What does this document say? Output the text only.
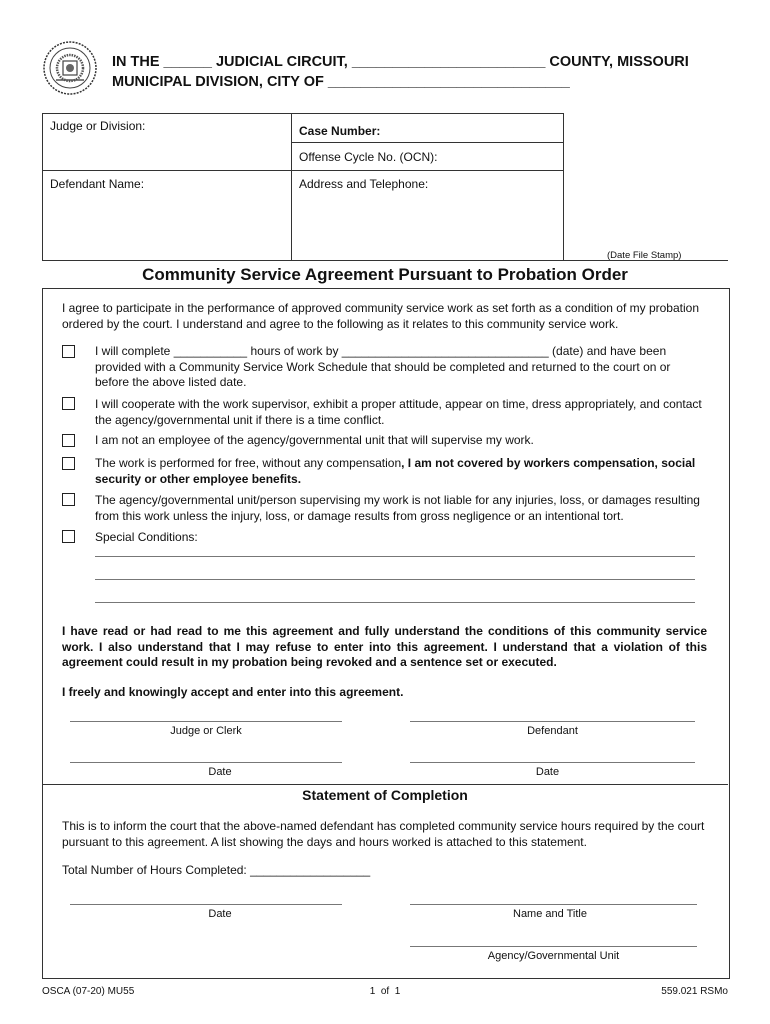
IN THE ______ JUDICIAL CIRCUIT, ________________________ COUNTY, MISSOURI
MUNICIPAL DIVISION, CITY OF ______________________________
Judge or Division:	Case Number:
Offense Cycle No. (OCN):
Defendant Name:	Address and Telephone:
(Date File Stamp)
Community Service Agreement Pursuant to Probation Order
I agree to participate in the performance of approved community service work as set forth as a condition of my probation ordered by the court. I understand and agree to the following as it relates to this community service work.
I will complete ___________ hours of work by _______________________________ (date) and have been provided with a Community Service Work Schedule that should be completed and returned to the court on or before the above listed date.
I will cooperate with the work supervisor, exhibit a proper attitude, appear on time, dress appropriately, and contact the agency/governmental unit if there is a time conflict.
I am not an employee of the agency/governmental unit that will supervise my work.
The work is performed for free, without any compensation, I am not covered by workers compensation, social security or other employee benefits.
The agency/governmental unit/person supervising my work is not liable for any injuries, loss, or damages resulting from this work unless the injury, loss, or damage results from gross negligence or an intentional tort.
Special Conditions:
I have read or had read to me this agreement and fully understand the conditions of this community service work. I also understand that I may refuse to enter into this agreement. I understand that a violation of this agreement could result in my probation being revoked and a sentence set or executed.
I freely and knowingly accept and enter into this agreement.
Judge or Clerk	Defendant
Date	Date
Statement of Completion
This is to inform the court that the above-named defendant has completed community service hours required by the court pursuant to this agreement. A list showing the days and hours worked is attached to this statement.
Total Number of Hours Completed: __________________
Date	Name and Title
Agency/Governmental Unit
OSCA (07-20) MU55	1  of  1	559.021 RSMo
